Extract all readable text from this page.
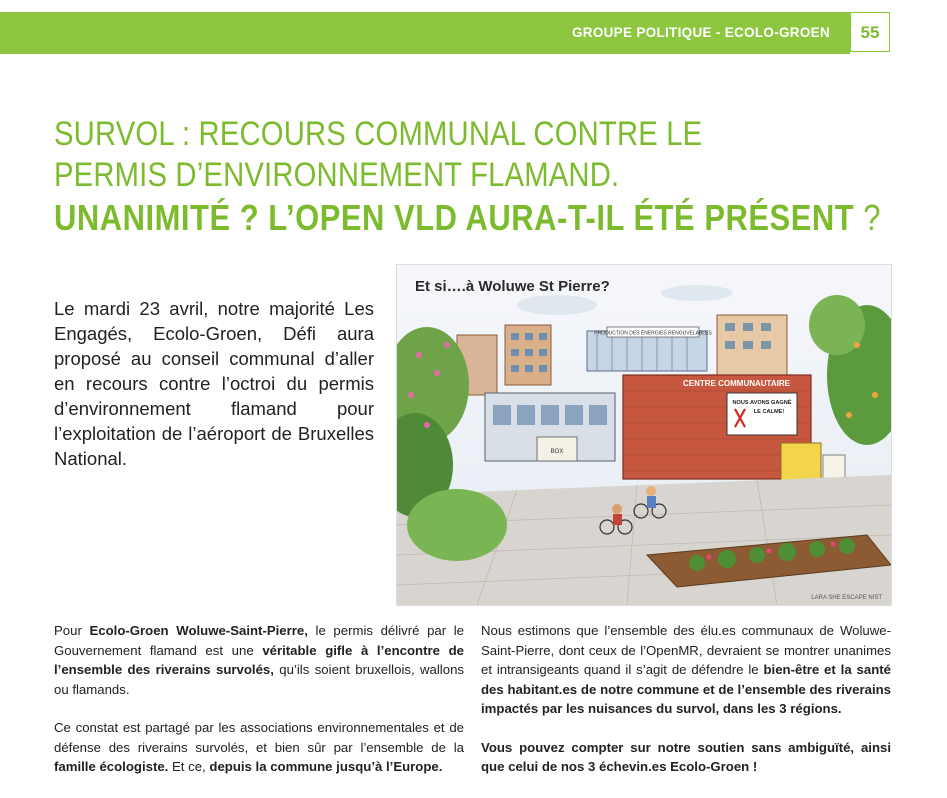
GROUPE POLITIQUE - ECOLO-GROEN	55
SURVOL : RECOURS COMMUNAL CONTRE LE
PERMIS D’ENVIRONNEMENT FLAMAND.
UNANIMITÉ ? L’OPEN VLD AURA-T-IL ÉTÉ PRÉSENT ?
Le mardi 23 avril, notre majorité Les Engagés, Ecolo-Groen, Défi aura proposé au conseil communal d’aller en recours contre l’octroi du permis d’environnement flamand pour l’exploitation de l’aéroport de Bruxelles National.
PRODUCTION DES ÉNERGIES RENOUVELABLES
CENTRE COMMUNAUTAIRE
NOUS AVONS GAGNÉ
LE CALME!
BOX
LARA SHE ESCAPE NIST
Et si….à Woluwe St Pierre?

Pour Ecolo-Groen Woluwe-Saint-Pierre, le permis délivré par le Gouvernement flamand est une véritable gifle à l’encontre de l’ensemble des riverains survolés, qu’ils soient bruxellois, wallons ou flamands.

Ce constat est partagé par les associations environnementales et de défense des riverains survolés, et bien sûr par l’ensemble de la famille écologiste. Et ce, depuis la commune jusqu’à l’Europe.

Nous estimons que l’ensemble des élu.es communaux de Woluwe-Saint-Pierre, dont ceux de l’OpenMR, devraient se montrer unanimes et intransigeants quand il s’agit de défendre le bien-être et la santé des habitant.es de notre commune et de l’ensemble des riverains impactés par les nuisances du survol, dans les 3 régions.

Vous pouvez compter sur notre soutien sans ambiguïté, ainsi que celui de nos 3 échevin.es Ecolo-Groen !
